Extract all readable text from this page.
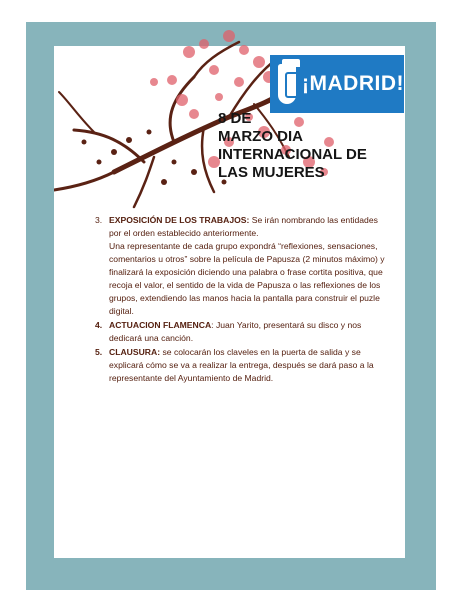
¡MADRID!
8 DE
MARZO DIA
INTERNACIONAL DE
LAS MUJERES
3. EXPOSICIÓN DE LOS TRABAJOS: Se irán nombrando las entidades por el orden establecido anteriormente.
Una representante de cada grupo expondrá “reflexiones, sensaciones, comentarios u otros” sobre la película de Papusza (2 minutos máximo) y finalizará la exposición diciendo una palabra o frase cortita positiva, que recoja el valor, el sentido de la vida de Papusza o las reflexiones de los grupos, extendiendo las manos hacia la pantalla para construir el puzle digital.
4. ACTUACION FLAMENCA: Juan Yarito, presentará su disco y nos dedicará una canción.
5. CLAUSURA: se colocarán los claveles en la puerta de salida y se explicará cómo se va a realizar la entrega, después se dará paso a la representante del Ayuntamiento de Madrid.
